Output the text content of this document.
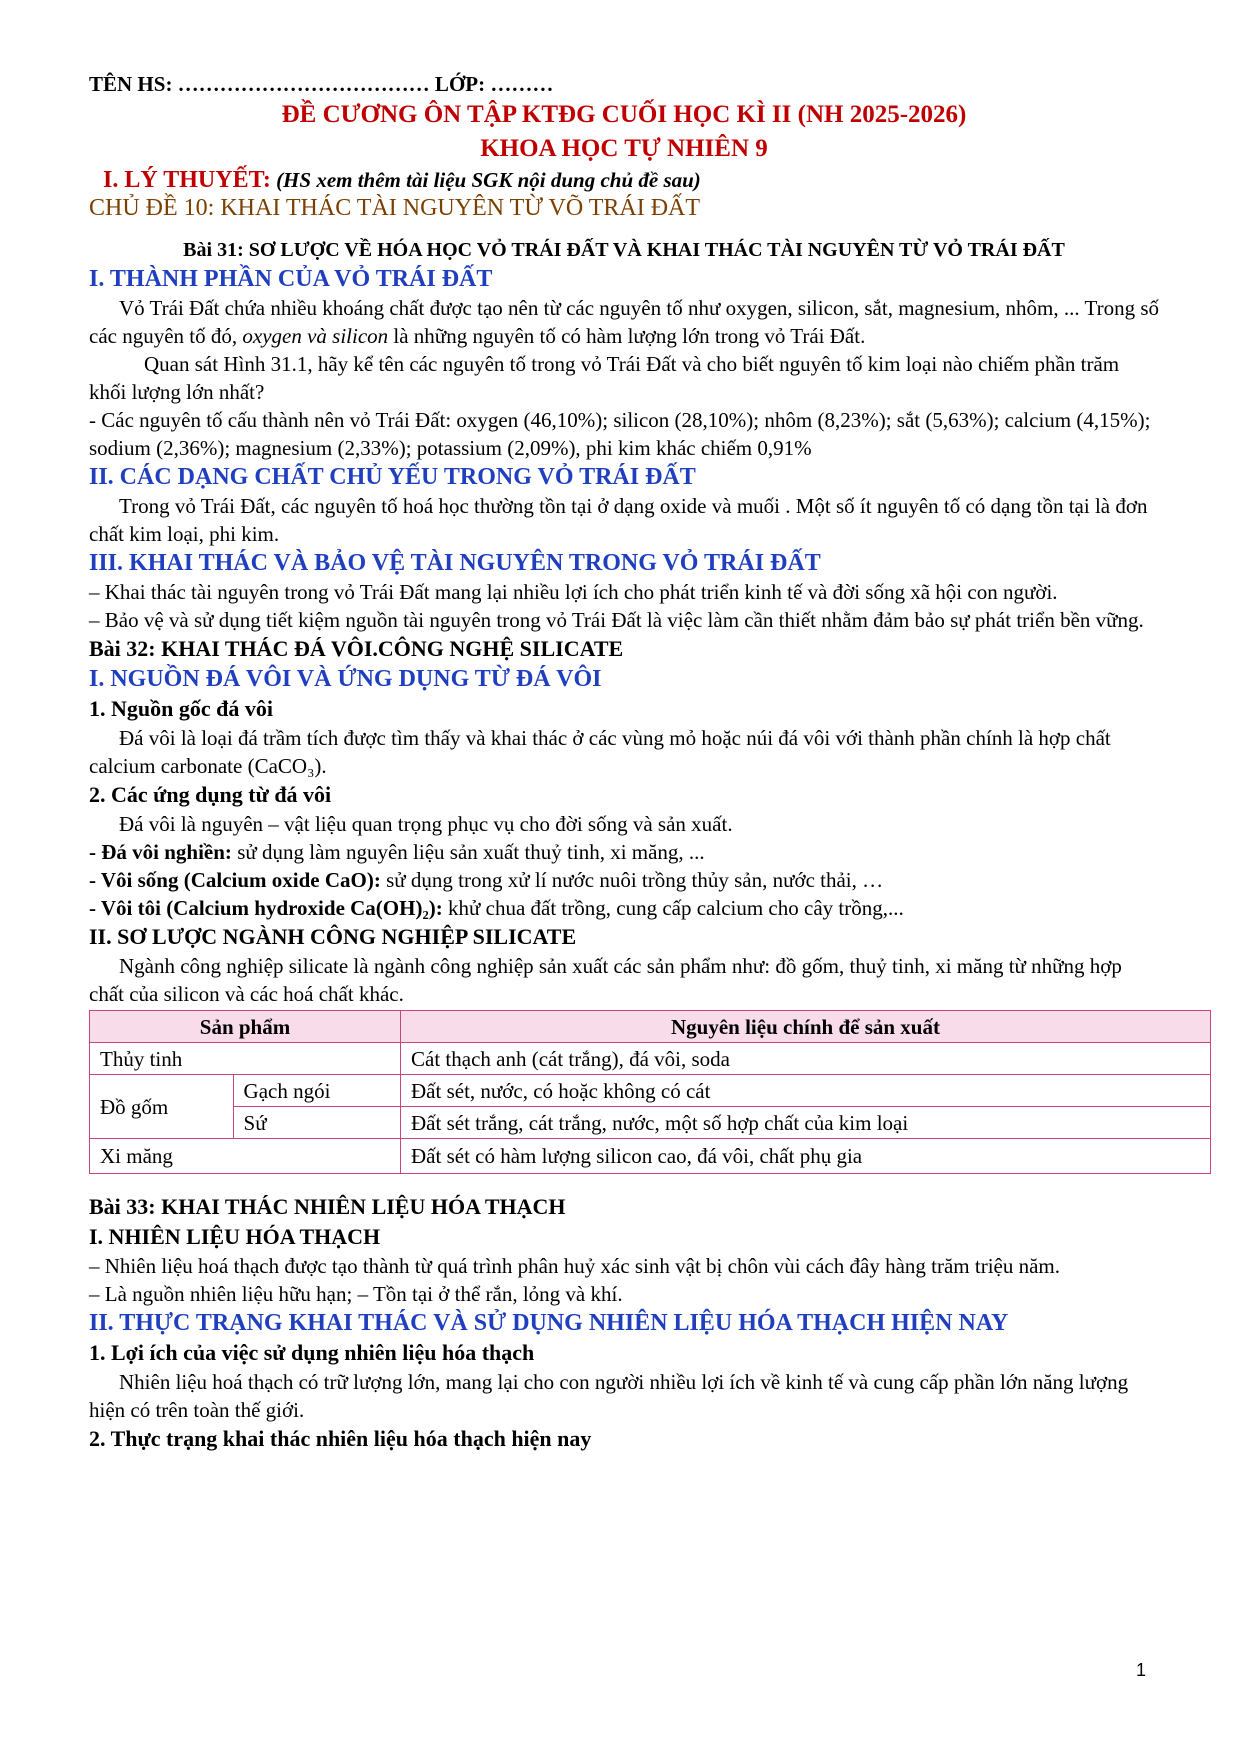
TÊN HS: ……………………………… LỚP: ………

ĐỀ CƯƠNG ÔN TẬP KTĐG CUỐI HỌC KÌ II (NH 2025-2026)

KHOA HỌC TỰ NHIÊN 9

I. LÝ THUYẾT: (HS xem thêm tài liệu SGK nội dung chủ đề sau)

CHỦ ĐỀ 10: KHAI THÁC TÀI NGUYÊN TỪ VÕ TRÁI ĐẤT

Bài 31: SƠ LƯỢC VỀ HÓA HỌC VỎ TRÁI ĐẤT VÀ KHAI THÁC TÀI NGUYÊN TỪ VỎ TRÁI ĐẤT

I. THÀNH PHẦN CỦA VỎ TRÁI ĐẤT

Vỏ Trái Đất chứa nhiều khoáng chất được tạo nên từ các nguyên tố như oxygen, silicon, sắt, magnesium, nhôm, ... Trong số các nguyên tố đó, oxygen và silicon là những nguyên tố có hàm lượng lớn trong vỏ Trái Đất.

Quan sát Hình 31.1, hãy kể tên các nguyên tố trong vỏ Trái Đất và cho biết nguyên tố kim loại nào chiếm phần trăm khối lượng lớn nhất?

- Các nguyên tố cấu thành nên vỏ Trái Đất: oxygen (46,10%); silicon (28,10%); nhôm (8,23%); sắt (5,63%); calcium (4,15%); sodium (2,36%); magnesium (2,33%); potassium (2,09%), phi kim khác chiếm 0,91%

II. CÁC DẠNG CHẤT CHỦ YẾU TRONG VỎ TRÁI ĐẤT

Trong vỏ Trái Đất, các nguyên tố hoá học thường tồn tại ở dạng oxide và muối . Một số ít nguyên tố có dạng tồn tại là đơn chất kim loại, phi kim.

III. KHAI THÁC VÀ BẢO VỆ TÀI NGUYÊN TRONG VỎ TRÁI ĐẤT

– Khai thác tài nguyên trong vỏ Trái Đất mang lại nhiều lợi ích cho phát triển kinh tế và đời sống xã hội con người.

– Bảo vệ và sử dụng tiết kiệm nguồn tài nguyên trong vỏ Trái Đất là việc làm cần thiết nhằm đảm bảo sự phát triển bền vững.

Bài 32: KHAI THÁC ĐÁ VÔI.CÔNG NGHỆ SILICATE

I. NGUỒN ĐÁ VÔI VÀ ỨNG DỤNG TỪ ĐÁ VÔI

1. Nguồn gốc đá vôi

Đá vôi là loại đá trầm tích được tìm thấy và khai thác ở các vùng mỏ hoặc núi đá vôi với thành phần chính là hợp chất calcium carbonate (CaCO₃).

2. Các ứng dụng từ đá vôi

Đá vôi là nguyên – vật liệu quan trọng phục vụ cho đời sống và sản xuất.

- Đá vôi nghiền: sử dụng làm nguyên liệu sản xuất thuỷ tinh, xi măng, ...

- Vôi sống (Calcium oxide CaO): sử dụng trong xử lí nước nuôi trồng thủy sản, nước thải, …

- Vôi tôi (Calcium hydroxide Ca(OH)₂): khử chua đất trồng, cung cấp calcium cho cây trồng,...

II. SƠ LƯỢC NGÀNH CÔNG NGHIỆP SILICATE

Ngành công nghiệp silicate là ngành công nghiệp sản xuất các sản phẩm như: đồ gốm, thuỷ tinh, xi măng từ những hợp chất của silicon và các hoá chất khác.

Sản phẩm		Nguyên liệu chính để sản xuất
Thủy tinh		Cát thạch anh (cát trắng), đá vôi, soda
Đồ gốm	Gạch ngói	Đất sét, nước, có hoặc không có cát
	Sứ	Đất sét trắng, cát trắng, nước, một số hợp chất của kim loại
Xi măng		Đất sét có hàm lượng silicon cao, đá vôi, chất phụ gia

Bài 33: KHAI THÁC NHIÊN LIỆU HÓA THẠCH

I. NHIÊN LIỆU HÓA THẠCH

– Nhiên liệu hoá thạch được tạo thành từ quá trình phân huỷ xác sinh vật bị chôn vùi cách đây hàng trăm triệu năm.

– Là nguồn nhiên liệu hữu hạn; – Tồn tại ở thể rắn, lỏng và khí.

II. THỰC TRẠNG KHAI THÁC VÀ SỬ DỤNG NHIÊN LIỆU HÓA THẠCH HIỆN NAY

1. Lợi ích của việc sử dụng nhiên liệu hóa thạch

Nhiên liệu hoá thạch có trữ lượng lớn, mang lại cho con người nhiều lợi ích về kinh tế và cung cấp phần lớn năng lượng hiện có trên toàn thế giới.

2. Thực trạng khai thác nhiên liệu hóa thạch hiện nay

1
